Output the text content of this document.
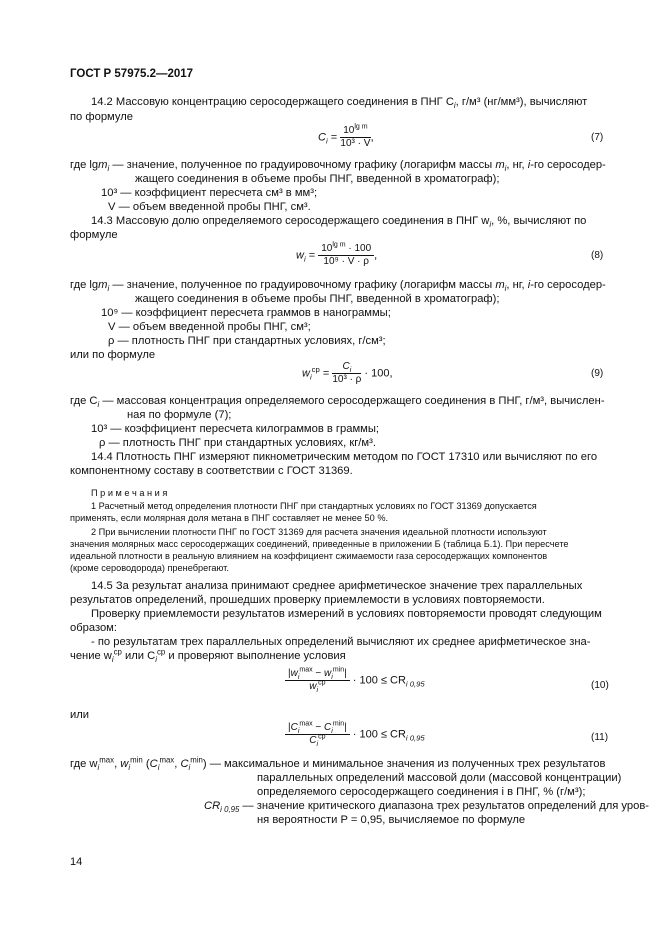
ГОСТ Р 57975.2—2017
14.2 Массовую концентрацию серосодержащего соединения в ПНГ $C_i$, г/м³ (нг/мм³), вычисляют
по формуле
$C_i = \frac{10^{lg m}}{\text{10³ · V}}$ ,	(7)
где lgm$_i$ — значение, полученное по градуировочному графику (логарифм массы $m_i$, нг, i-го серосодер-
жащего соединения в объеме пробы ПНГ, введенной в хроматограф);
10³ — коэффициент пересчета см³ в мм³;
V — объем введенной пробы ПНГ, см³.
14.3 Массовую долю определяемого серосодержащего соединения в ПНГ $w_i$, %, вычисляют по
формуле
$w_i = \frac{10^{lg m} \cdot 100}{\text{10⁹ · V · ρ}}$ ,	(8)
где lgm$_i$ — значение, полученное по градуировочному графику (логарифм массы $m_i$, нг, i-го серосодер-
жащего соединения в объеме пробы ПНГ, введенной в хроматограф);
10⁹ — коэффициент пересчета граммов в нанограммы;
V — объем введенной пробы ПНГ, см³;
ρ — плотность ПНГ при стандартных условиях, г/см³;
или по формуле
$w_i^{ср} = \frac{C_i}{\text{10³ · ρ}} \cdot 100$,	(9)
где $C_i$ — массовая концентрация определяемого серосодержащего соединения в ПНГ, г/м³, вычислен-
ная по формуле (7);
10³ — коэффициент пересчета килограммов в граммы;
ρ — плотность ПНГ при стандартных условиях, кг/м³.
14.4 Плотность ПНГ измеряют пикнометрическим методом по ГОСТ 17310 или вычисляют по его
компонентному составу в соответствии с ГОСТ 31369.
П р и м е ч а н и я
1 Расчетный метод определения плотности ПНГ при стандартных условиях по ГОСТ 31369 допускается
применять, если молярная доля метана в ПНГ составляет не менее 50 %.
2 При вычислении плотности ПНГ по ГОСТ 31369 для расчета значения идеальной плотности используют
значения молярных масс серосодержащих соединений, приведенные в приложении Б (таблица Б.1). При пересчете
идеальной плотности в реальную влиянием на коэффициент сжимаемости газа серосодержащих компонентов
(кроме сероводорода) пренебрегают.
14.5 За результат анализа принимают среднее арифметическое значение трех параллельных
результатов определений, прошедших проверку приемлемости в условиях повторяемости.
Проверку приемлемости результатов измерений в условиях повторяемости проводят следующим
образом:
- по результатам трех параллельных определений вычисляют их среднее арифметическое зна-
чение $w_i^{ср}$ или $C_i^{ср}$ и проверяют выполнение условия
$\frac{|w_i^{max} - w_i^{min}|}{w_i^{ср}} \cdot 100 \le CR_{i 0,95}$	(10)
или
$\frac{|C_i^{max} - C_i^{min}|}{C_i^{ср}} \cdot 100 \le CR_{i 0,95}$	(11)
где $w_i^{max}$, $w_i^{min}$ ($C_i^{max}$, $C_i^{min}$) — максимальное и минимальное значения из полученных трех результатов
параллельных определений массовой доли (массовой концентрации)
определяемого серосодержащего соединения i в ПНГ, % (г/м³);
$CR_{i 0,95}$ — значение критического диапазона трех результатов определений для уров-
ня вероятности P = 0,95, вычисляемое по формуле
14
